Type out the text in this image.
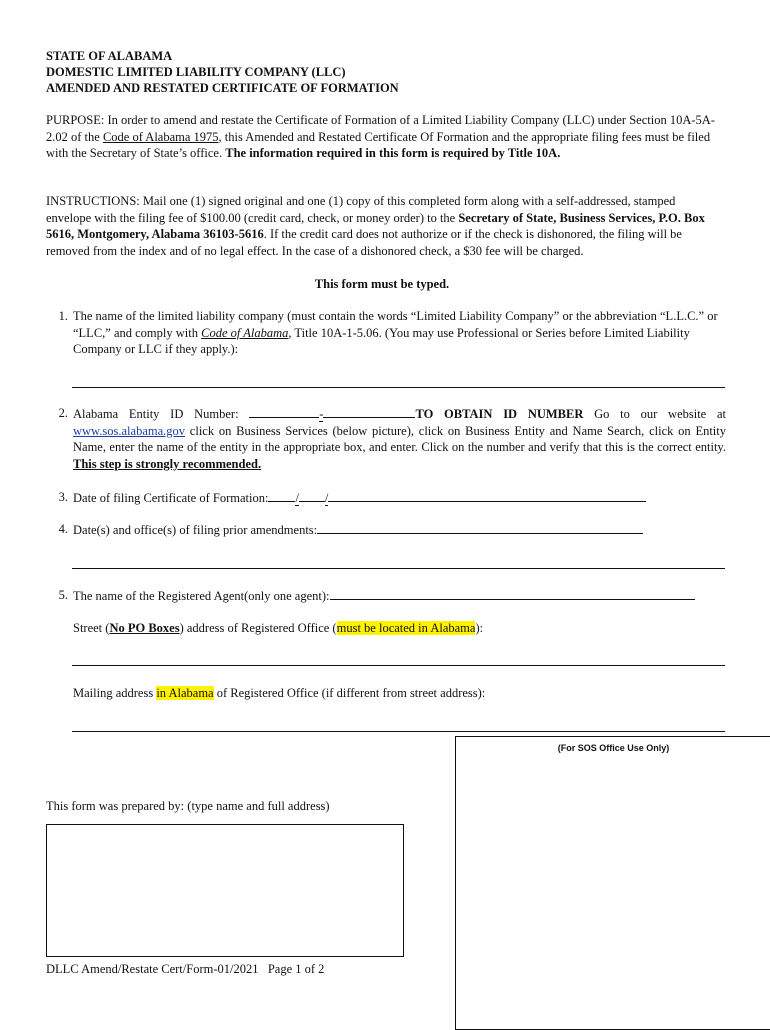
STATE OF ALABAMA
DOMESTIC LIMITED LIABILITY COMPANY (LLC)
AMENDED AND RESTATED CERTIFICATE OF FORMATION
PURPOSE: In order to amend and restate the Certificate of Formation of a Limited Liability Company (LLC) under Section 10A-5A-2.02 of the Code of Alabama 1975, this Amended and Restated Certificate Of Formation and the appropriate filing fees must be filed with the Secretary of State’s office. The information required in this form is required by Title 10A.
INSTRUCTIONS: Mail one (1) signed original and one (1) copy of this completed form along with a self-addressed, stamped envelope with the filing fee of $100.00 (credit card, check, or money order) to the Secretary of State, Business Services, P.O. Box 5616, Montgomery, Alabama 36103-5616. If the credit card does not authorize or if the check is dishonored, the filing will be removed from the index and of no legal effect. In the case of a dishonored check, a $30 fee will be charged.
This form must be typed.
1. The name of the limited liability company (must contain the words “Limited Liability Company” or the abbreviation “L.L.C.” or “LLC,” and comply with Code of Alabama, Title 10A-1-5.06. (You may use Professional or Series before Limited Liability Company or LLC if they apply.):
2. Alabama Entity ID Number:	-	TO OBTAIN ID NUMBER Go to our website at www.sos.alabama.gov click on Business Services (below picture), click on Business Entity and Name Search, click on Entity Name, enter the name of the entity in the appropriate box, and enter. Click on the number and verify that this is the correct entity. This step is strongly recommended.
3. Date of filing Certificate of Formation: / /
4. Date(s) and office(s) of filing prior amendments:
5. The name of the Registered Agent(only one agent):
Street (No PO Boxes) address of Registered Office (must be located in Alabama):
Mailing address in Alabama of Registered Office (if different from street address):
(For SOS Office Use Only)
This form was prepared by: (type name and full address)
DLLC Amend/Restate Cert/Form-01/2021   Page 1 of 2
